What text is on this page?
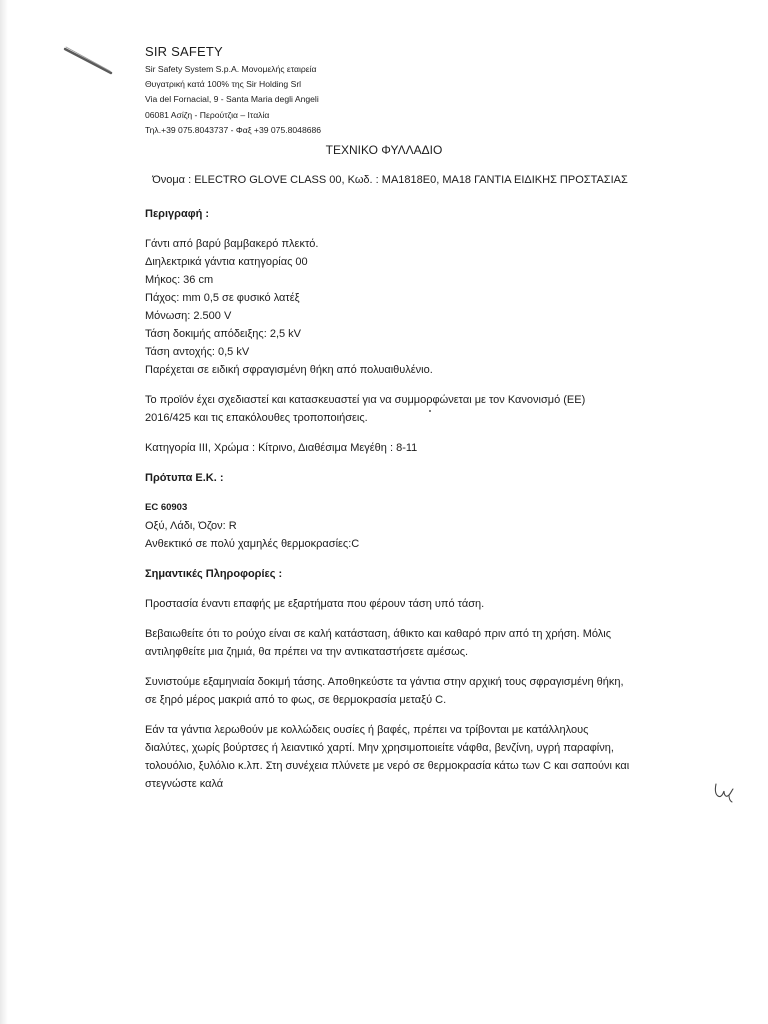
SIR SAFETY
Sir Safety System S.p.A. Μονομελής εταιρεία
Θυγατρική κατά 100% της Sir Holding Srl
Via del Fornacial, 9 - Santa Maria degli Angeli
06081 Ασίζη - Περούτζια – Ιταλία
Τηλ.+39 075.8043737 - Φαξ +39 075.8048686
ΤΕΧΝΙΚΟ ΦΥΛΛΑΔΙΟ
Όνομα : ELECTRO GLOVE CLASS 00, Κωδ. : MA1818E0, MA18 ΓΑΝΤΙΑ ΕΙΔΙΚΗΣ ΠΡΟΣΤΑΣΙΑΣ
Περιγραφή :
Γάντι από βαρύ βαμβακερό πλεκτό.
Διηλεκτρικά γάντια κατηγορίας 00
Μήκος: 36 cm
Πάχος: mm 0,5 σε φυσικό λατέξ
Μόνωση: 2.500 V
Τάση δοκιμής απόδειξης: 2,5 kV
Τάση αντοχής: 0,5 kV
Παρέχεται σε ειδική σφραγισμένη θήκη από πολυαιθυλένιο.
Το προϊόν έχει σχεδιαστεί και κατασκευαστεί για να συμμορφώνεται με τον Κανονισμό (ΕΕ)
2016/425 και τις επακόλουθες τροποποιήσεις.
Κατηγορία III, Χρώμα : Κίτρινο, Διαθέσιμα Μεγέθη : 8-11
Πρότυπα Ε.Κ. :
EC 60903
Οξύ, Λάδι, Όζον: R
Ανθεκτικό σε πολύ χαμηλές θερμοκρασίες:C
Σημαντικές Πληροφορίες :
Προστασία έναντι επαφής με εξαρτήματα που φέρουν τάση υπό τάση.
Βεβαιωθείτε ότι το ρούχο είναι σε καλή κατάσταση, άθικτο και καθαρό πριν από τη χρήση. Μόλις
αντιληφθείτε μια ζημιά, θα πρέπει να την αντικαταστήσετε αμέσως.
Συνιστούμε εξαμηνιαία δοκιμή τάσης. Αποθηκεύστε τα γάντια στην αρχική τους σφραγισμένη θήκη,
σε ξηρό μέρος μακριά από το φως, σε θερμοκρασία μεταξύ C.
Εάν τα γάντια λερωθούν με κολλώδεις ουσίες ή βαφές, πρέπει να τρίβονται με κατάλληλους
διαλύτες, χωρίς βούρτσες ή λειαντικό χαρτί. Μην χρησιμοποιείτε νάφθα, βενζίνη, υγρή παραφίνη,
τολουόλιο, ξυλόλιο κ.λπ. Στη συνέχεια πλύνετε με νερό σε θερμοκρασία κάτω των C και σαπούνι και
στεγνώστε καλά
